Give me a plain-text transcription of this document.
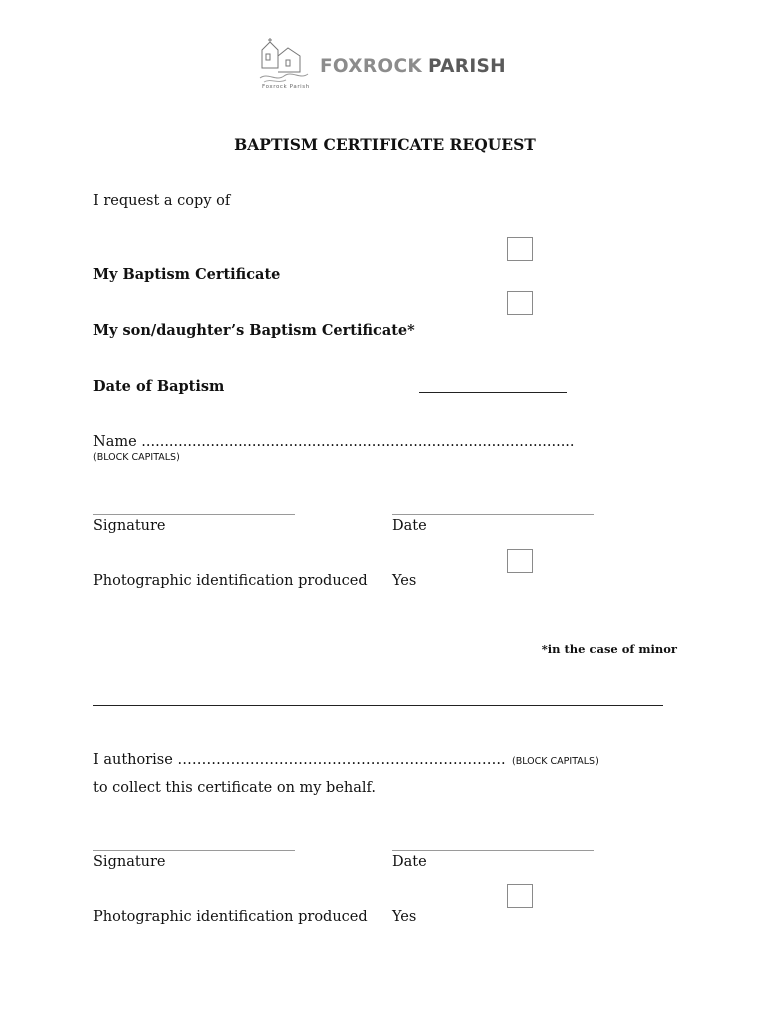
Foxrock Parish
FOXROCK PARISH
BAPTISM CERTIFICATE REQUEST
I request a copy of
My Baptism Certificate
My son/daughter’s Baptism Certificate*
Date of Baptism
Name ..............................................................................................
(BLOCK CAPITALS)
Signature	Date
Photographic identification produced Yes
*in the case of minor
I authorise ………………………………………………………….. (BLOCK CAPITALS)
to collect this certificate on my behalf.
Signature	Date
Photographic identification produced Yes
